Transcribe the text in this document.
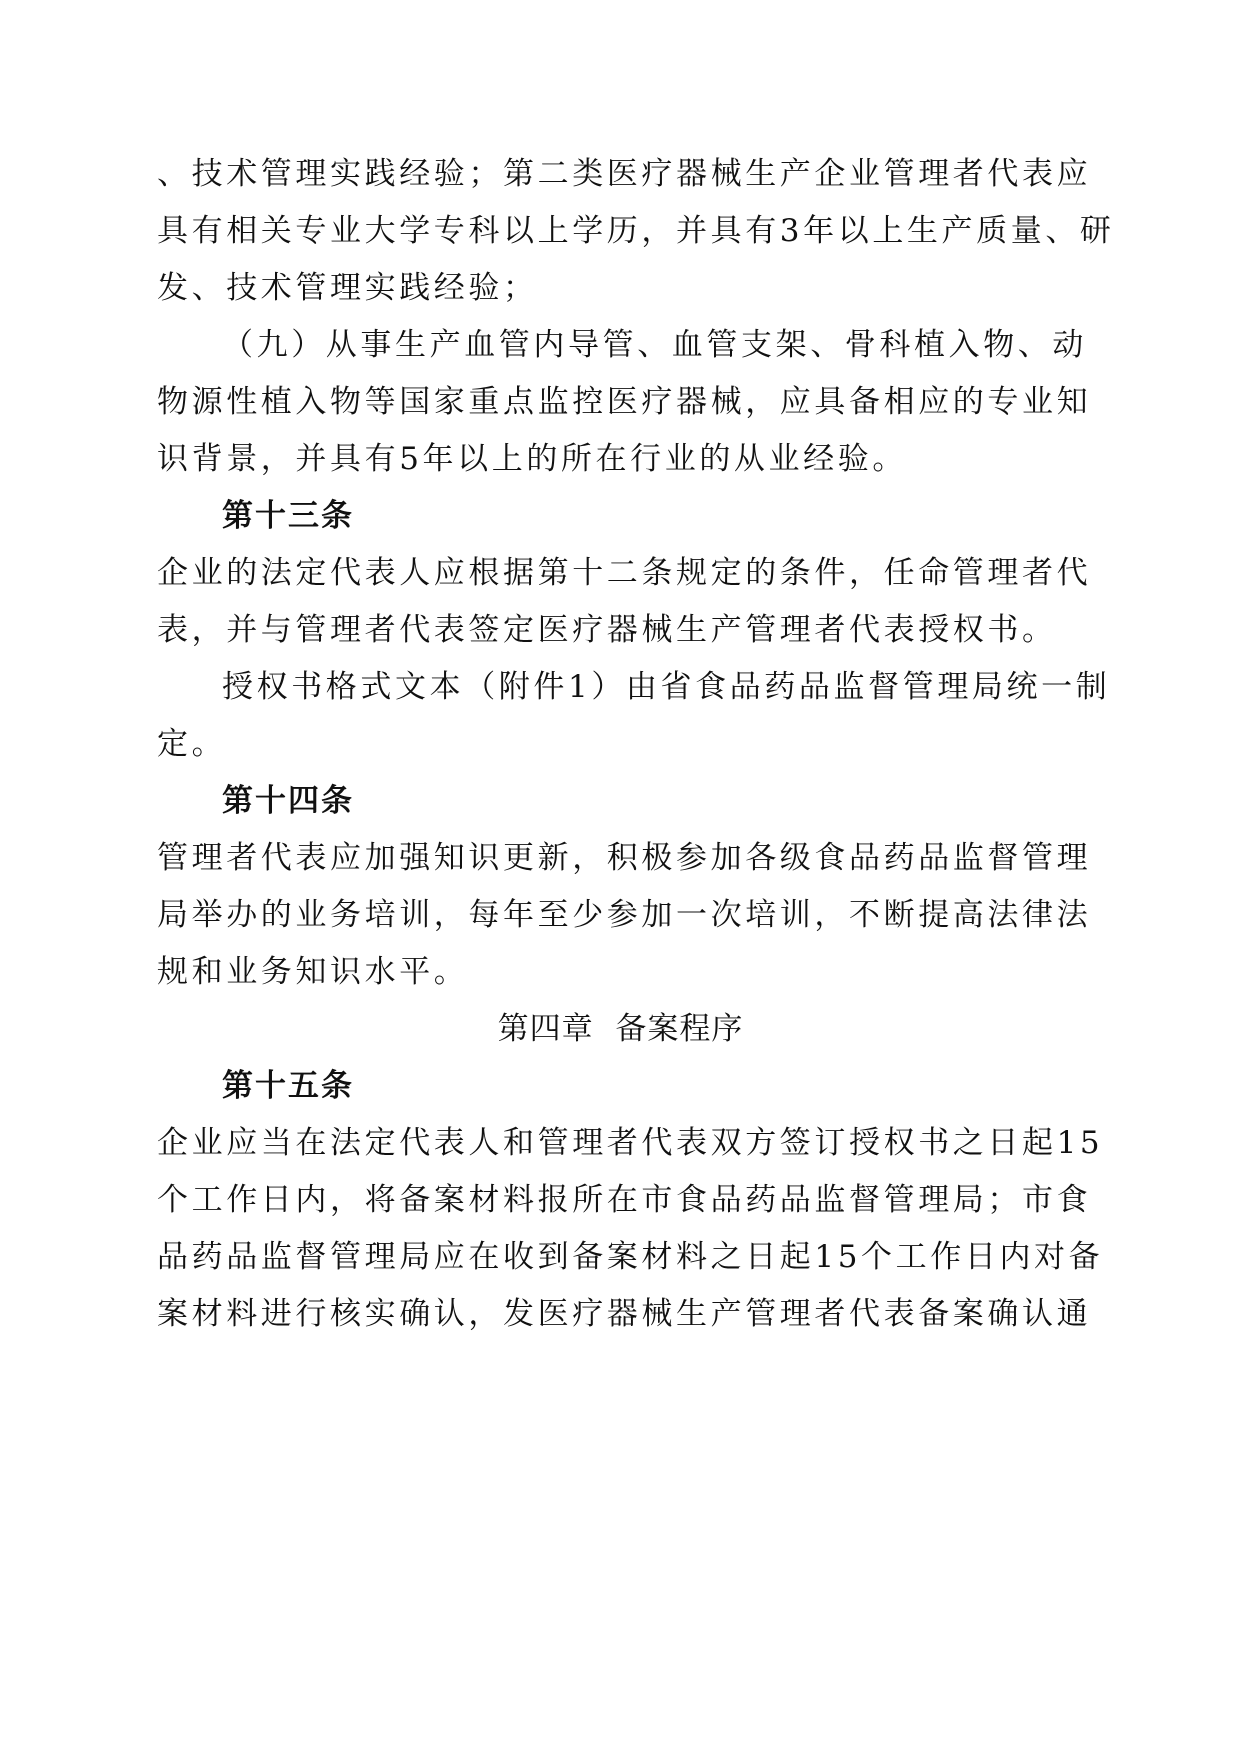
、技术管理实践经验；第二类医疗器械生产企业管理者代表应
具有相关专业大学专科以上学历，并具有3年以上生产质量、研
发、技术管理实践经验；
（九）从事生产血管内导管、血管支架、骨科植入物、动
物源性植入物等国家重点监控医疗器械，应具备相应的专业知
识背景，并具有5年以上的所在行业的从业经验。
第十三条
企业的法定代表人应根据第十二条规定的条件，任命管理者代
表，并与管理者代表签定医疗器械生产管理者代表授权书。
授权书格式文本（附件1）由省食品药品监督管理局统一制
定。
第十四条
管理者代表应加强知识更新，积极参加各级食品药品监督管理
局举办的业务培训，每年至少参加一次培训，不断提高法律法
规和业务知识水平。
第四章  备案程序
第十五条
企业应当在法定代表人和管理者代表双方签订授权书之日起15
个工作日内，将备案材料报所在市食品药品监督管理局；市食
品药品监督管理局应在收到备案材料之日起15个工作日内对备
案材料进行核实确认，发医疗器械生产管理者代表备案确认通
